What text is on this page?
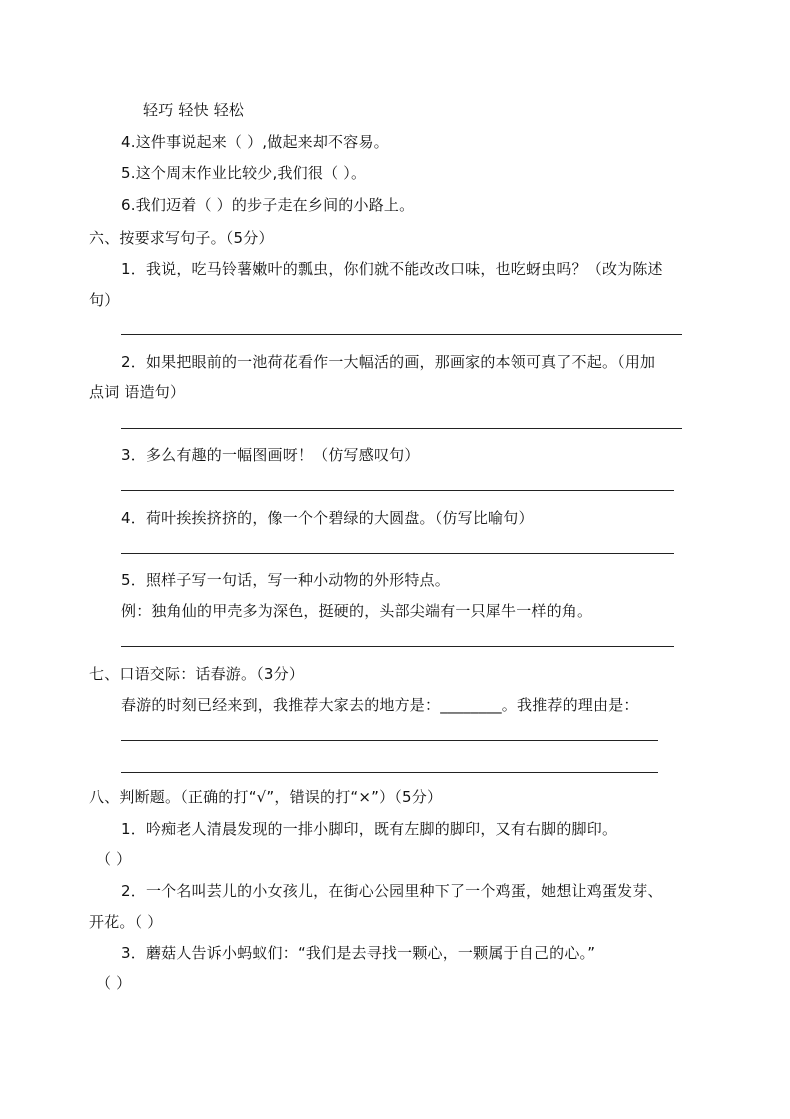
轻巧 轻快 轻松
4.这件事说起来（ ）,做起来却不容易。
5.这个周末作业比较少,我们很（ ）。
6.我们迈着（ ）的步子走在乡间的小路上。
六、按要求写句子。（5分）
1．我说，吃马铃薯嫩叶的瓢虫，你们就不能改改口味，也吃蚜虫吗？（改为陈述
句）
2．如果把眼前的一池荷花看作一大幅活的画，那画家的本领可真了不起。（用加
点词 语造句）
3．多么有趣的一幅图画呀！（仿写感叹句）
4．荷叶挨挨挤挤的，像一个个碧绿的大圆盘。（仿写比喻句）
5．照样子写一句话，写一种小动物的外形特点。
例：独角仙的甲壳多为深色，挺硬的，头部尖端有一只犀牛一样的角。
七、口语交际：话春游。（3分）
春游的时刻已经来到，我推荐大家去的地方是：________。我推荐的理由是：
八、判断题。（正确的打“√”，错误的打“×”）（5分）
1．吟痴老人清晨发现的一排小脚印，既有左脚的脚印，又有右脚的脚印。
（ ）
2．一个名叫芸儿的小女孩儿，在街心公园里种下了一个鸡蛋，她想让鸡蛋发芽、
开花。（ ）
3．蘑菇人告诉小蚂蚁们：“我们是去寻找一颗心，一颗属于自己的心。”
（ ）
